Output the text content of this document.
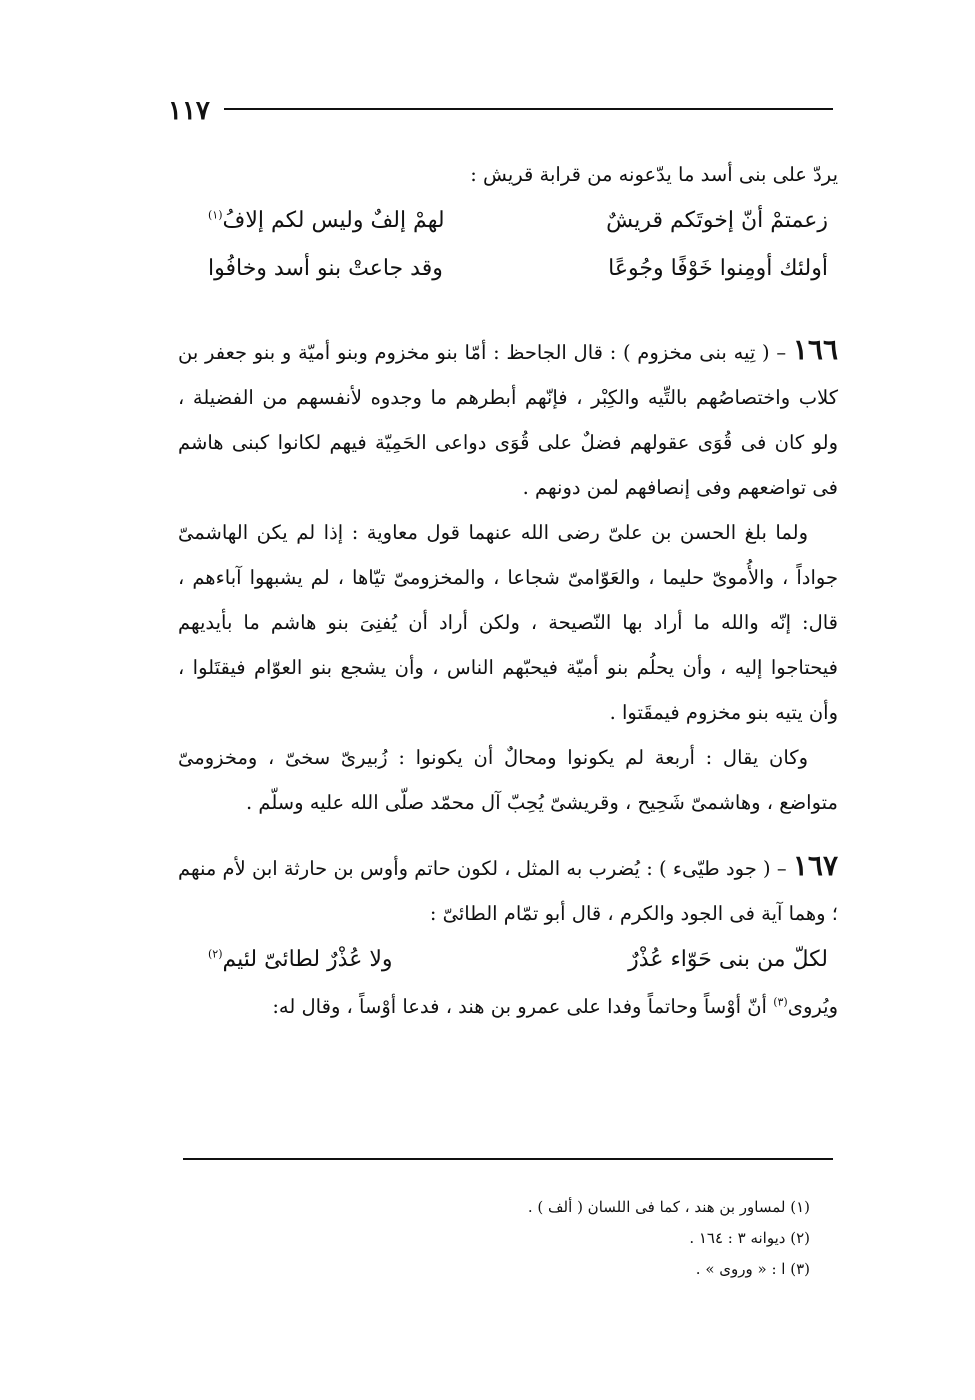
١١٧

يردّ على بنى أسد ما يدّعونه من قرابة قريش :

زعمتمْ أنّ إخوتَكم قريشٌ
لهمْ إلفٌ وليس لكم إلافُ$^{(١)}$
أولئك أومِنوا خَوْفًا وجُوعًا
وقد جاعتْ بنو أسد وخافُوا

١٦٦ – ( تِيه بنى مخزوم ) : قال الجاحظ : أمّا بنو مخزوم وبنو أميّة و بنو جعفر بن كلاب واختصاصُهم بالتِّيه والكِبْر ، فإنّهم أبطرهم ما وجدوه لأنفسهم من الفضيلة ، ولو كان فى قُوَى عقولهم فضلٌ على قُوَى دواعى الحَمِيّة فيهم لكانوا كبنى هاشم فى تواضعهم وفى إنصافهم لمن دونهم .

ولما بلغ الحسن بن علىّ رضى الله عنهما قول معاوية : إذا لم يكن الهاشمىّ جواداً ، والأُموىّ حليما ، والعَوّامىّ شجاعا ، والمخزومىّ تيّاها ، لم يشبهوا آباءهم ، قال: إنّه والله ما أراد بها النّصيحة ، ولكن أراد أن يُفنِىَ بنو هاشم ما بأيديهم فيحتاجوا إليه ، وأن يحلُم بنو أميّة فيحبّهم الناس ، وأن يشجع بنو العوّام فيقتَلوا ، وأن يتيه بنو مخزوم فيمقَتوا .

وكان يقال : أربعة لم يكونوا ومحالٌ أن يكونوا : زُبيرىّ سخىّ ، ومخزومىّ متواضع ، وهاشمىّ شَحِيح ، وقريشىّ يُحِبّ آل محمّد صلّى الله عليه وسلّم .

١٦٧ – ( جود طيّىء ) : يُضرب به المثل ، لكون حاتم وأوس بن حارثة ابن لأم منهم ؛ وهما آية فى الجود والكرم ، قال أبو تمّام الطائىّ :

لكلّ من بنى حَوّاء عُذْرٌ
ولا عُذْرٌ لطائىّ لئيم$^{(٢)}$

ويُروى$^{(٣)}$ أنّ أوْساً وحاتماً وفدا على عمرو بن هند ، فدعا أوْساً ، وقال له:

(١) لمساور بن هند ، كما فى اللسان ( ألف ) .

(٢) ديوانه ٣ : ١٦٤ .

(٣) ا : « وروى » .
